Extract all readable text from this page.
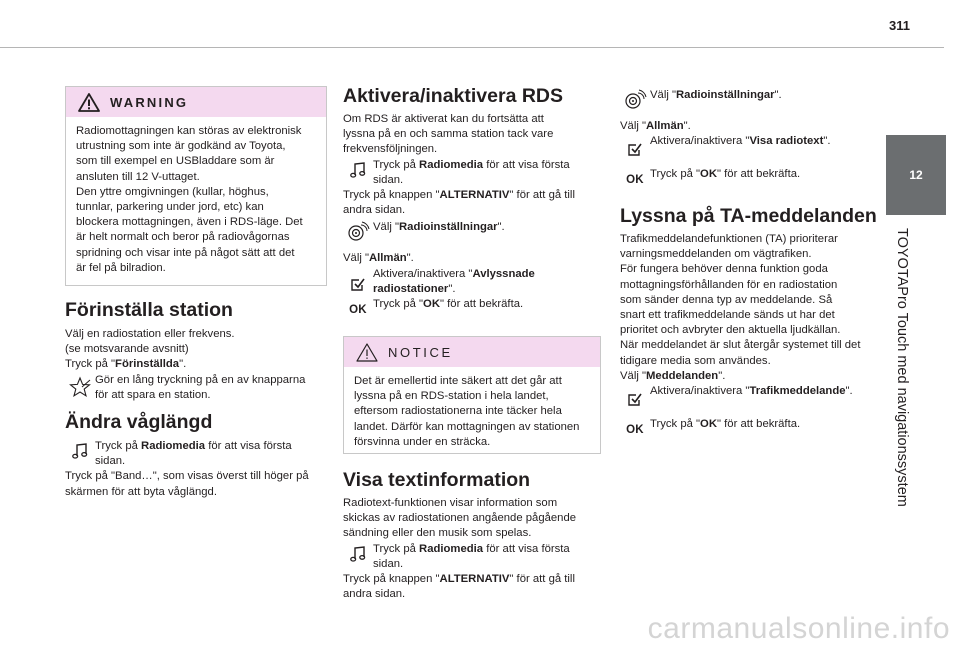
311
12
TOYOTAPro Touch med navigationssystem
WARNING
Radiomottagningen kan störas av elektronisk
utrustning som inte är godkänd av Toyota,
som till exempel en USBladdare som är
ansluten till 12 V-uttaget.
Den yttre omgivningen (kullar, höghus,
tunnlar, parkering under jord, etc) kan
blockera mottagningen, även i RDS-läge. Det
är helt normalt och beror på radiovågornas
spridning och visar inte på något sätt att det
är fel på bilradion.
Förinställa station

Välj en radiostation eller frekvens.

(se motsvarande avsnitt)

Tryck på "Förinställda".

Gör en lång tryckning på en av knapparna

för att spara en station.

Ändra våglängd

Tryck på Radiomedia för att visa första

sidan.

Tryck på "Band…", som visas överst till höger på

skärmen för att byta våglängd.

Aktivera/inaktivera RDS

Om RDS är aktiverat kan du fortsätta att

lyssna på en och samma station tack vare

frekvensföljningen.

Tryck på Radiomedia för att visa första

sidan.

Tryck på knappen "ALTERNATIV" för att gå till

andra sidan.

Välj "Radioinställningar".

Välj "Allmän".

Aktivera/inaktivera "Avlyssnade

radiostationer".

OK Tryck på "OK" för att bekräfta.

NOTICE
Det är emellertid inte säkert att det går att
lyssna på en RDS-station i hela landet,
eftersom radiostationerna inte täcker hela
landet. Därför kan mottagningen av stationen
försvinna under en sträcka.
Visa textinformation

Radiotext-funktionen visar information som

skickas av radiostationen angående pågående

sändning eller den musik som spelas.

Tryck på Radiomedia för att visa första

sidan.

Tryck på knappen "ALTERNATIV" för att gå till

andra sidan.

Välj "Radioinställningar".

Välj "Allmän".

Aktivera/inaktivera "Visa radiotext".

OK Tryck på "OK" för att bekräfta.

Lyssna på TA-meddelanden

Trafikmeddelandefunktionen (TA) prioriterar

varningsmeddelanden om vägtrafiken.

För fungera behöver denna funktion goda

mottagningsförhållanden för en radiostation

som sänder denna typ av meddelande. Så

snart ett trafikmeddelande sänds ut har det

prioritet och avbryter den aktuella ljudkällan.

När meddelandet är slut återgår systemet till det

tidigare media som användes.

Välj "Meddelanden".

Aktivera/inaktivera "Trafikmeddelande".

OK Tryck på "OK" för att bekräfta.

carmanualsonline.info
